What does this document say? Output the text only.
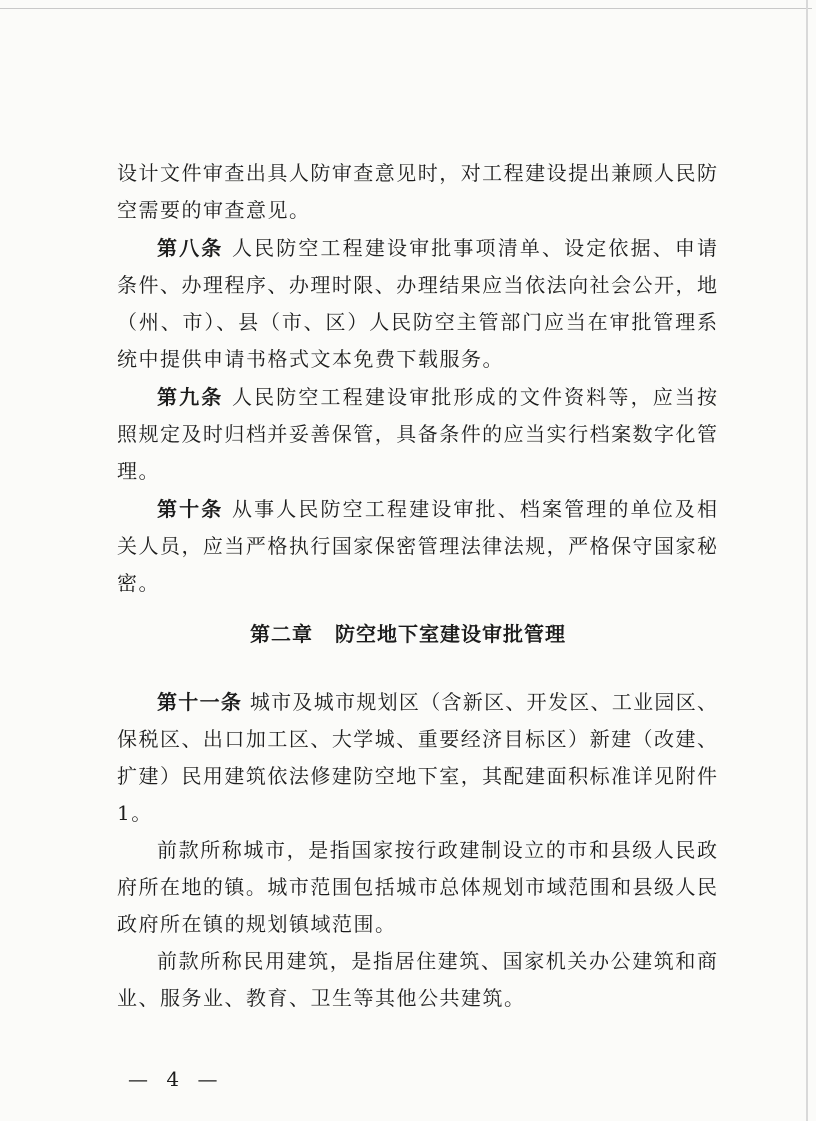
设计文件审查出具人防审查意见时，对工程建设提出兼顾人民防
空需要的审查意见。
第八条 人民防空工程建设审批事项清单、设定依据、申请
条件、办理程序、办理时限、办理结果应当依法向社会公开，地
（州、市）、县（市、区）人民防空主管部门应当在审批管理系
统中提供申请书格式文本免费下载服务。
第九条 人民防空工程建设审批形成的文件资料等，应当按
照规定及时归档并妥善保管，具备条件的应当实行档案数字化管
理。
第十条 从事人民防空工程建设审批、档案管理的单位及相
关人员，应当严格执行国家保密管理法律法规，严格保守国家秘
密。
第二章 防空地下室建设审批管理
第十一条 城市及城市规划区（含新区、开发区、工业园区、
保税区、出口加工区、大学城、重要经济目标区）新建（改建、
扩建）民用建筑依法修建防空地下室，其配建面积标准详见附件
1。
前款所称城市，是指国家按行政建制设立的市和县级人民政
府所在地的镇。城市范围包括城市总体规划市域范围和县级人民
政府所在镇的规划镇域范围。
前款所称民用建筑，是指居住建筑、国家机关办公建筑和商
业、服务业、教育、卫生等其他公共建筑。
— 4 —
